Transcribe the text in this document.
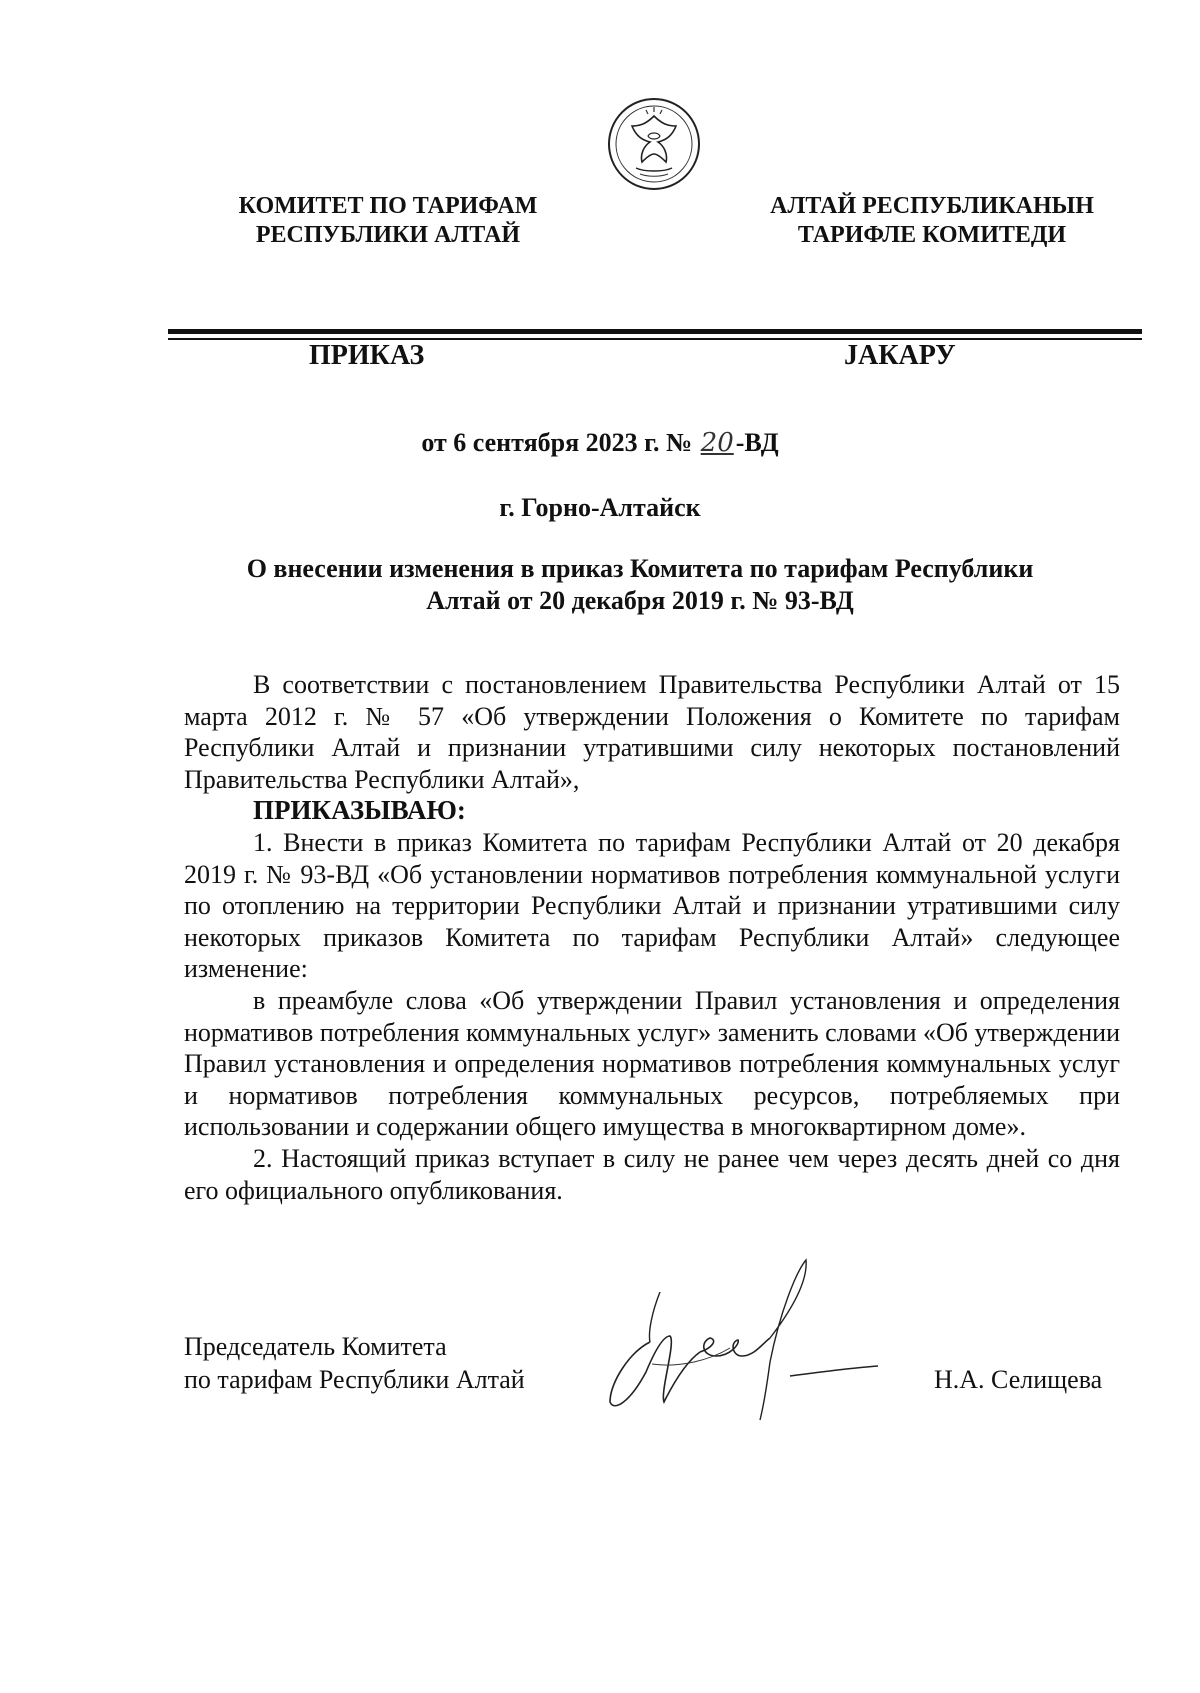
КОМИТЕТ ПО ТАРИФАМ
РЕСПУБЛИКИ АЛТАЙ
АЛТАЙ РЕСПУБЛИКАНЫН
ТАРИФЛЕ КОМИТЕДИ
ПРИКАЗ	ЈАКАРУ
от 6 сентября 2023 г. № 20-ВД
г. Горно-Алтайск
О внесении изменения в приказ Комитета по тарифам Республики
Алтай от 20 декабря 2019 г. № 93-ВД

В соответствии с постановлением Правительства Республики Алтай от 15 марта 2012 г. № 57 «Об утверждении Положения о Комитете по тарифам Республики Алтай и признании утратившими силу некоторых постановлений Правительства Республики Алтай»,

ПРИКАЗЫВАЮ:

1. Внести в приказ Комитета по тарифам Республики Алтай от 20 декабря 2019 г. № 93-ВД «Об установлении нормативов потребления коммунальной услуги по отоплению на территории Республики Алтай и признании утратившими силу некоторых приказов Комитета по тарифам Республики Алтай» следующее изменение:

в преамбуле слова «Об утверждении Правил установления и определения нормативов потребления коммунальных услуг» заменить словами «Об утверждении Правил установления и определения нормативов потребления коммунальных услуг и нормативов потребления коммунальных ресурсов, потребляемых при использовании и содержании общего имущества в многоквартирном доме».

2. Настоящий приказ вступает в силу не ранее чем через десять дней со дня его официального опубликования.

Председатель Комитета
по тарифам Республики Алтай	Н.А. Селищева
